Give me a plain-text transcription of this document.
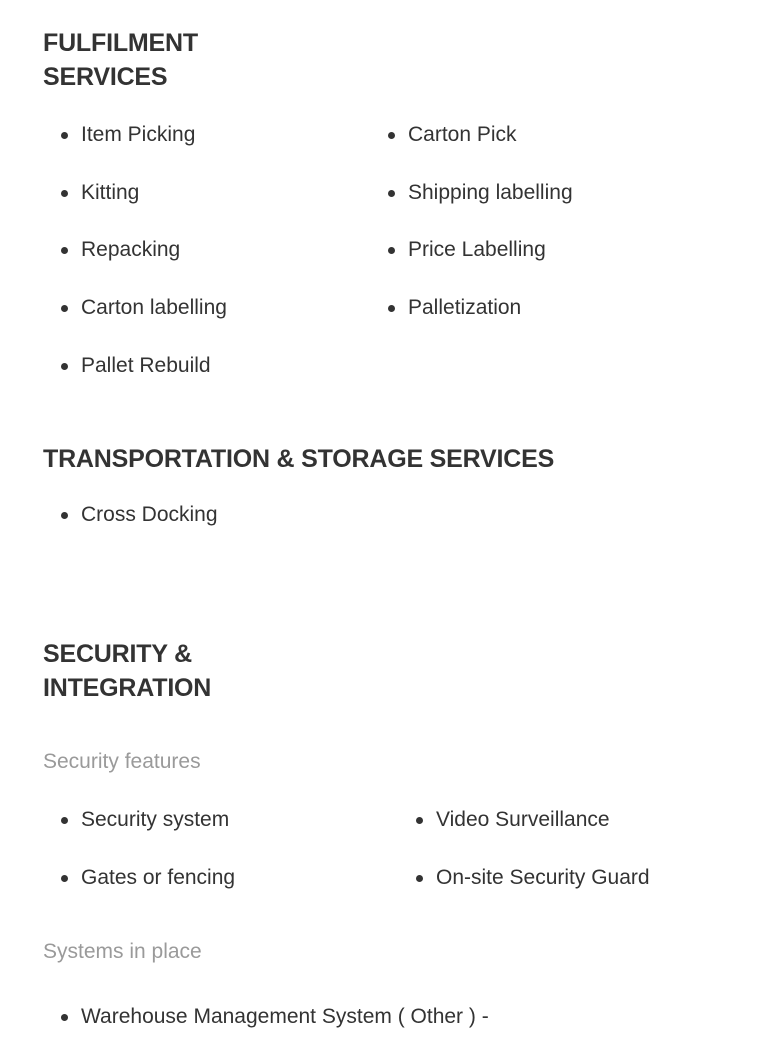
FULFILMENT
SERVICES
Item Picking
Kitting
Repacking
Carton labelling
Pallet Rebuild
Carton Pick
Shipping labelling
Price Labelling
Palletization
TRANSPORTATION & STORAGE SERVICES
Cross Docking
SECURITY &
INTEGRATION

Security features

Security system
Gates or fencing
Video Surveillance
On-site Security Guard

Systems in place

Warehouse Management System ( Other ) -
